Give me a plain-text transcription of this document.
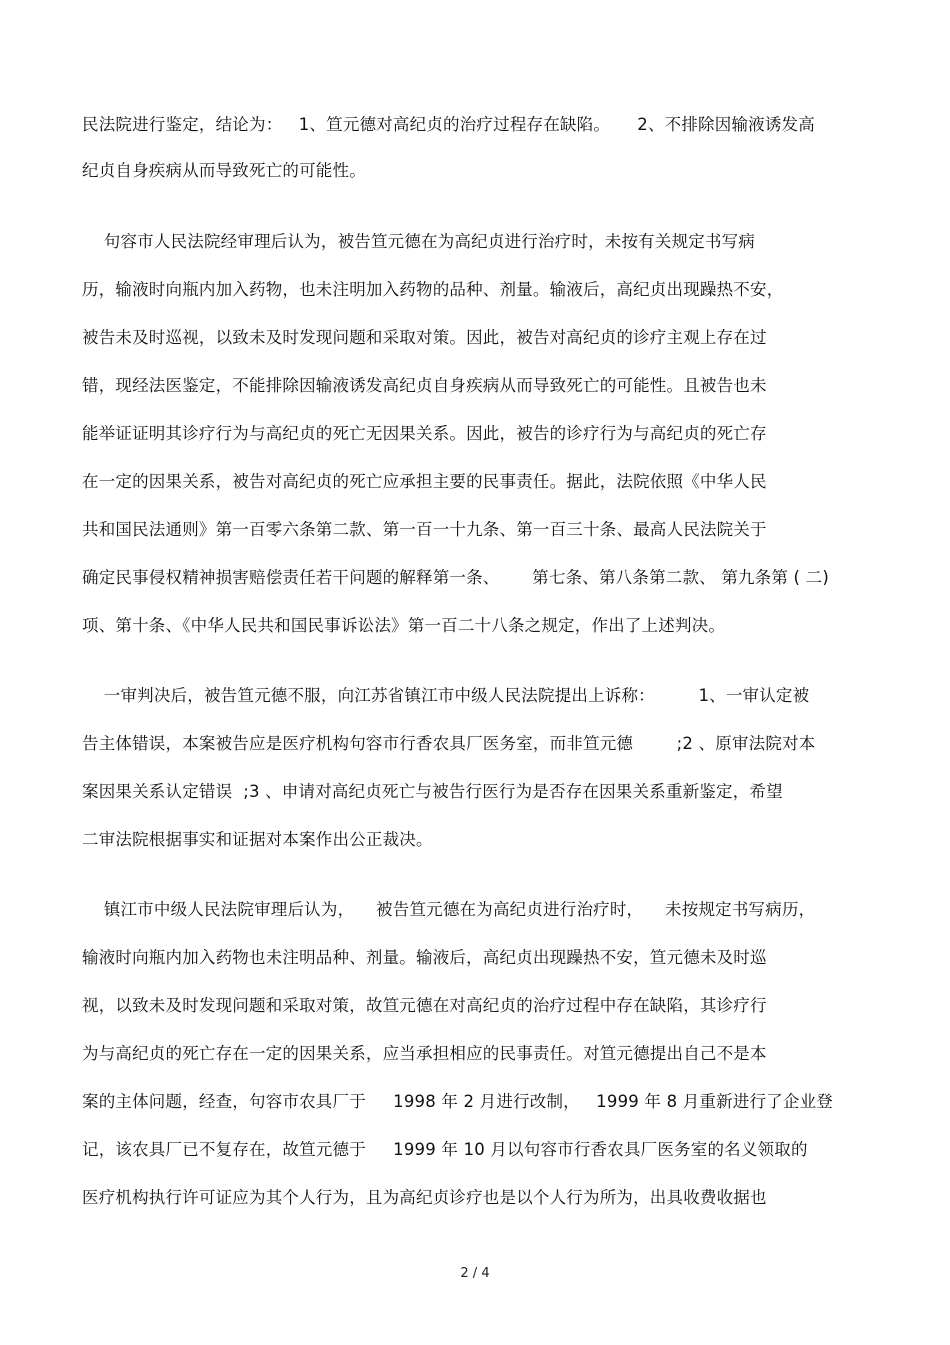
民法院进行鉴定，结论为：   1、笪元德对高纪贞的治疗过程存在缺陷。     2、不排除因输液诱发高
纪贞自身疾病从而导致死亡的可能性。
句容市人民法院经审理后认为，被告笪元德在为高纪贞进行治疗时，未按有关规定书写病
历，输液时向瓶内加入药物，也未注明加入药物的品种、剂量。输液后，高纪贞出现躁热不安，
被告未及时巡视，以致未及时发现问题和采取对策。因此，被告对高纪贞的诊疗主观上存在过
错，现经法医鉴定，不能排除因输液诱发高纪贞自身疾病从而导致死亡的可能性。且被告也未
能举证证明其诊疗行为与高纪贞的死亡无因果关系。因此，被告的诊疗行为与高纪贞的死亡存
在一定的因果关系，被告对高纪贞的死亡应承担主要的民事责任。据此，法院依照《中华人民
共和国民法通则》第一百零六条第二款、第一百一十九条、第一百三十条、最高人民法院关于
确定民事侵权精神损害赔偿责任若干问题的解释第一条、      第七条、第八条第二款、 第九条第 ( 二)
项、第十条、《中华人民共和国民事诉讼法》第一百二十八条之规定，作出了上述判决。
一审判决后，被告笪元德不服，向江苏省镇江市中级人民法院提出上诉称：        1、一审认定被
告主体错误，本案被告应是医疗机构句容市行香农具厂医务室，而非笪元德        ;2 、原审法院对本
案因果关系认定错误  ;3 、申请对高纪贞死亡与被告行医行为是否存在因果关系重新鉴定，希望
二审法院根据事实和证据对本案作出公正裁决。
镇江市中级人民法院审理后认为，    被告笪元德在为高纪贞进行治疗时，    未按规定书写病历，
输液时向瓶内加入药物也未注明品种、剂量。输液后，高纪贞出现躁热不安，笪元德未及时巡
视，以致未及时发现问题和采取对策，故笪元德在对高纪贞的治疗过程中存在缺陷，其诊疗行
为与高纪贞的死亡存在一定的因果关系，应当承担相应的民事责任。对笪元德提出自己不是本
案的主体问题，经查，句容市农具厂于     1998 年 2 月进行改制，   1999 年 8 月重新进行了企业登
记，该农具厂已不复存在，故笪元德于     1999 年 10 月以句容市行香农具厂医务室的名义领取的
医疗机构执行许可证应为其个人行为，且为高纪贞诊疗也是以个人行为所为，出具收费收据也
2 / 4
